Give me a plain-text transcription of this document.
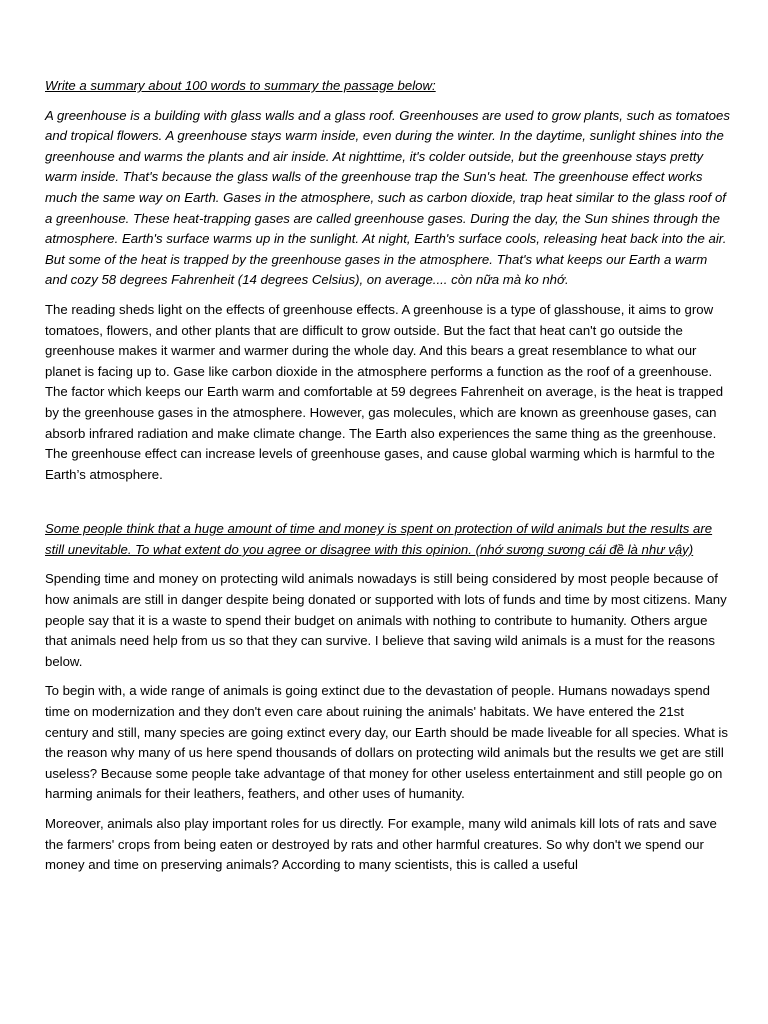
Write a summary about 100 words to summary the passage below:

A greenhouse is a building with glass walls and a glass roof. Greenhouses are used to grow plants, such as tomatoes and tropical flowers. A greenhouse stays warm inside, even during the winter. In the daytime, sunlight shines into the greenhouse and warms the plants and air inside. At nighttime, it's colder outside, but the greenhouse stays pretty warm inside. That's because the glass walls of the greenhouse trap the Sun's heat. The greenhouse effect works much the same way on Earth. Gases in the atmosphere, such as carbon dioxide, trap heat similar to the glass roof of a greenhouse. These heat-trapping gases are called greenhouse gases. During the day, the Sun shines through the atmosphere. Earth's surface warms up in the sunlight. At night, Earth's surface cools, releasing heat back into the air. But some of the heat is trapped by the greenhouse gases in the atmosphere. That's what keeps our Earth a warm and cozy 58 degrees Fahrenheit (14 degrees Celsius), on average.... còn nữa mà ko nhớ.

The reading sheds light on the effects of greenhouse effects. A greenhouse is a type of glasshouse, it aims to grow tomatoes, flowers, and other plants that are difficult to grow outside. But the fact that heat can't go outside the greenhouse makes it warmer and warmer during the whole day. And this bears a great resemblance to what our planet is facing up to. Gase like carbon dioxide in the atmosphere performs a function as the roof of a greenhouse. The factor which keeps our Earth warm and comfortable at 59 degrees Fahrenheit on average, is the heat is trapped by the greenhouse gases in the atmosphere. However, gas molecules, which are known as greenhouse gases, can absorb infrared radiation and make climate change. The Earth also experiences the same thing as the greenhouse. The greenhouse effect can increase levels of greenhouse gases, and cause global warming which is harmful to the Earth’s atmosphere.

Some people think that a huge amount of time and money is spent on protection of wild animals but the results are still unevitable. To what extent do you agree or disagree with this opinion. (nhớ sương sương cái đề là như vậy)

Spending time and money on protecting wild animals nowadays is still being considered by most people because of how animals are still in danger despite being donated or supported with lots of funds and time by most citizens. Many people say that it is a waste to spend their budget on animals with nothing to contribute to humanity. Others argue that animals need help from us so that they can survive. I believe that saving wild animals is a must for the reasons below.

To begin with, a wide range of animals is going extinct due to the devastation of people. Humans nowadays spend time on modernization and they don't even care about ruining the animals' habitats. We have entered the 21st century and still, many species are going extinct every day, our Earth should be made liveable for all species. What is the reason why many of us here spend thousands of dollars on protecting wild animals but the results we get are still useless? Because some people take advantage of that money for other useless entertainment and still people go on harming animals for their leathers, feathers, and other uses of humanity.

Moreover, animals also play important roles for us directly. For example, many wild animals kill lots of rats and save the farmers' crops from being eaten or destroyed by rats and other harmful creatures. So why don't we spend our money and time on preserving animals? According to many scientists, this is called a useful
